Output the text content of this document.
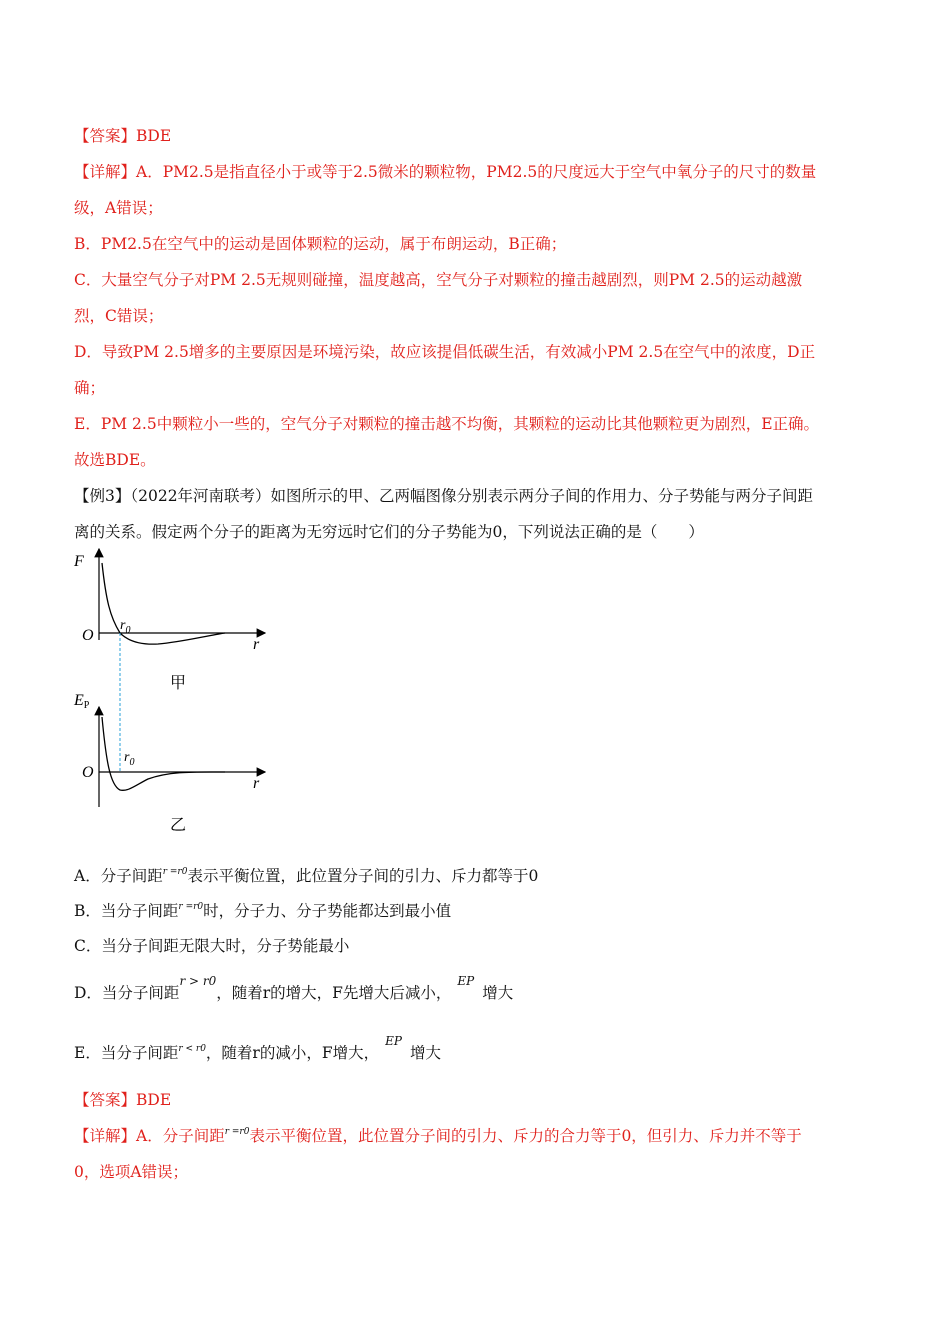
【答案】BDE
【详解】A．PM2.5是指直径小于或等于2.5微米的颗粒物，PM2.5的尺度远大于空气中氧分子的尺寸的数量
级，A错误；
B．PM2.5在空气中的运动是固体颗粒的运动，属于布朗运动，B正确；
C．大量空气分子对PM 2.5无规则碰撞，温度越高，空气分子对颗粒的撞击越剧烈，则PM 2.5的运动越激
烈，C错误；
D．导致PM 2.5增多的主要原因是环境污染，故应该提倡低碳生活，有效减小PM 2.5在空气中的浓度，D正
确；
E．PM 2.5中颗粒小一些的，空气分子对颗粒的撞击越不均衡，其颗粒的运动比其他颗粒更为剧烈，E正确。
故选BDE。
【例3】（2022年河南联考）如图所示的甲、乙两幅图像分别表示两分子间的作用力、分子势能与两分子间距
离的关系。假定两个分子的距离为无穷远时它们的分子势能为0，下列说法正确的是（　　）
F
O
r
$r_0$
甲
EP
O
r
$r_0$
乙
A．分子间距$^{r =r0}$表示平衡位置，此位置分子间的引力、斥力都等于0
B．当分子间距$^{r =r0}$时，分子力、分子势能都达到最小值
C．当分子间距无限大时，分子势能最小
D．当分子间距$^{r > r0}$，随着r的增大，F先增大后减小，$^{EP}$增大
E．当分子间距$^{r < r0}$，随着r的减小，F增大，$^{EP}$增大
【答案】BDE
【详解】A．分子间距$^{r =r0}$表示平衡位置，此位置分子间的引力、斥力的合力等于0，但引力、斥力并不等于
0，选项A错误；
